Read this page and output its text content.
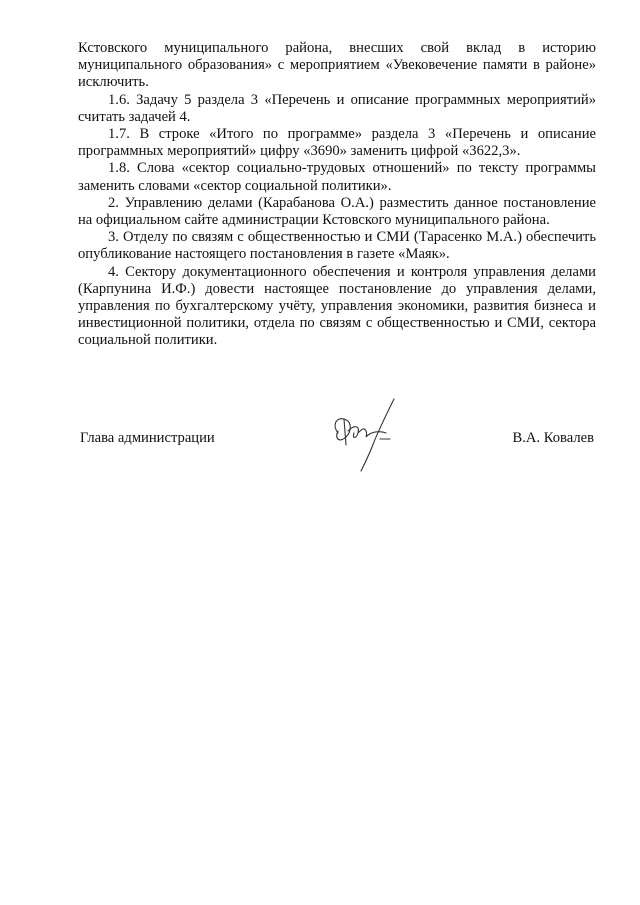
Кстовского муниципального района, внесших свой вклад в историю муниципального образования» с мероприятием «Увековечение памяти в районе» исключить.

1.6. Задачу 5 раздела 3 «Перечень и описание программных мероприятий» считать задачей 4.

1.7. В строке «Итого по программе» раздела 3 «Перечень и описание программных мероприятий» цифру «3690» заменить цифрой «3622,3».

1.8. Слова «сектор социально-трудовых отношений» по тексту программы заменить словами «сектор социальной политики».

2. Управлению делами (Карабанова О.А.) разместить данное постановление на официальном сайте администрации Кстовского муниципального района.

3. Отделу по связям с общественностью и СМИ (Тарасенко М.А.) обеспечить опубликование настоящего постановления в газете «Маяк».

4. Сектору документационного обеспечения и контроля управления делами (Карпунина И.Ф.) довести настоящее постановление до управления делами, управления по бухгалтерскому учёту, управления экономики, развития бизнеса и инвестиционной политики, отдела по связям с общественностью и СМИ, сектора социальной политики.

Глава администрации	В.А. Ковалев
